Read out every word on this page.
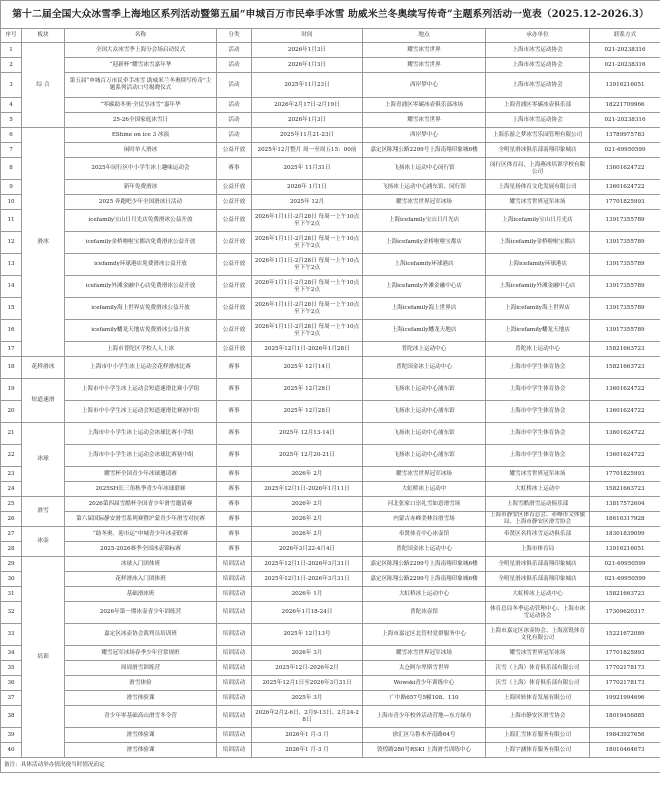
第十二届全国大众冰雪季上海地区系列活动暨第五届“申城百万市民牵手冰雪 助威米兰冬奥续写传奇”主题系列活动一览表（2025.12-2026.3）							
序号	板块	名称	分类	时间	地点	承办单位	联系方式
1	综 合	全国大众冰雪季上海分会场启动仪式	活动	2026年1月3日	耀雪冰雪世界	上海市冰雪运动协会	021-20238316
2		“迎新杯”耀雪冰雪嘉年华	活动	2026年1月3日	耀雪冰雪世界	上海市冰雪运动协会	021-20238316
3		第五届“申城百万市民牵手冰雪 助威米兰冬奥续写传奇”主题系列活动口号揭晓仪式	活动	2025年11月23日	西岸梦中心	上海市冰雪运动协会	13916216051
4		“零碳助冬奥·全民享冰雪”嘉年华	活动	2026年2月17日-2月19日	上海青浦区零碳冰壶俱乐部冰场	上海青浦区零碳冰壶俱乐部	18221709966
5		25-26全国家庭冰雪日	活动	2026年1月3日	耀雪冰雪世界	上海市冰雪运动协会	021-20238316
6	滑冰	EShine on ice 3 冰演	活动	2025年11月21-23日	西岸梦中心	上海乐游之梦冰雪乐园管理有限公司	13789975783
7		闲时单人滑冰	公益开放	2025年12月整月 周一至周五15：00前	嘉定区陈翔公路2299号上海南翔印象城6楼	全明星滑冰俱乐部南翔印象城店	021-69950599
8		2025年闵行区中小学生冰上趣味运动会	赛事	2025年 11月31日	飞扬冰上运动中心闵行馆	闵行区体育局，上海燕冰培训学校有限公司	13601624722
9		新年免费滑冰	公益开放	2026年 1月1日	飞扬冰上运动中心浦东馆、闵行馆	上海星扬体育文化发展有限公司	13601624722
10		2025 奔跑吧少年全国滑冰日活动	公益开放	2025年 12月	耀雪冰雪世界冠军冰场	耀雪冰雪世界冠军冰场	17701825993
11		icefamily宝山日月光店免费滑冰公益开放	公益开放	2026年1月1日-2月28日 每周一上午10点至下午2点	上海icefamily宝山日月光店	上海icefamily宝山日月光店	13917355789
12		icefamily金桥啦啦宝都店免费滑冰公益开放	公益开放	2026年1月1日-2月28日 每周一上午10点至下午2点	上海icefamily金桥啦啦宝都店	上海icefamily金桥啦啦宝都店	13917355789
13		icefamily环球港店免费滑冰公益开放	公益开放	2026年1月1日-2月28日 每周一上午10点至下午2点	上海icefamily环球港店	上海icefamily环球港店	13917355789
14		icefamily外滩金融中心店免费滑冰公益开放	公益开放	2026年1月1日-2月28日 每周一上午10点至下午2点	上海icefamily外滩金融中心店	上海icefamily外滩金融中心店	13917355789
15		icefamily海上世界店免费滑冰公益开放	公益开放	2026年1月1日-2月28日 每周一上午10点至下午2点	上海icefamily海上世界店	上海icefamily海上世界店	13917355789
16		icefamily蟠龙天地店免费滑冰公益开放	公益开放	2026年1月1日-2月28日 每周一上午10点至下午2点	上海icefamily蟠龙天地店	上海icefamily蟠龙天地店	13917355789
17		上海市普陀区学校人人上冰	公益开放	2025年12月1日-2026年1月28日	普陀冰上运动中心	普陀冰上运动中心	15821663723
18	花样滑冰	上海市中小学生冰上运动会花样滑冰比赛	赛事	2025年 12月14日	普陀国金冰上运动中心	上海市中学生体育协会	15821663723
19	短道速滑	上海市中小学生冰上运动会短道速滑比赛小学组	赛事	2025年 12月28日	飞扬冰上运动中心浦东馆	上海市中学生体育协会	13601624722
20		上海市中小学生冰上运动会短道速滑比赛初中组	赛事	2025年 12月28日	飞扬冰上运动中心浦东馆	上海市中学生体育协会	13601624722
21	冰球	上海市中小学生冰上运动会冰球比赛小学组	赛事	2025年 12月13-14日	飞扬冰上运动中心浦东馆	上海市中学生体育协会	13601624722
22		上海市中小学生冰上运动会冰球比赛初中组	赛事	2025年 12月20-21日	飞扬冰上运动中心浦东馆	上海市中学生体育协会	13601624722
23		耀雪杯全国青少年冰球邀请赛	赛事	2026年 2月	耀雪冰雪世界冠军冰场	耀雪冰雪世界冠军冰场	17701825993
24		2025SH长三角秋季青少年冰球联赛	赛事	2025年12月1日-2026年1月11日	大虹桥冰上运动中	大虹桥冰上运动中	15821663723
25	滑雪	2026第四届雪酷杯全国青少年滑雪邀请赛	赛事	2026年 2月	河北张家口崇礼雪如意滑雪场	上海雪酷滑雪运动俱乐部	13817572604
26		第六届国际静安滑雪系列赛暨沪蒙青少年滑雪对抗赛	赛事	2026年 2月	内蒙古赤峰美林谷滑雪场	上海市静安区体育总会、赤峰市文体旅局、上海市静安区滑雪协会	18616317928
27	冰壶	“助冬奥、迎市运”申城青少年冰壶联赛	赛事	2026年 2月	奉贤体育中心冰壶馆	奉贤区名将冰雪运动俱乐部	18301839099
28		2025-2026赛季全国冰壶锦标赛	赛事	2026年3月22-4月4日	普陀国金冰上运动中心	上海市体育局	13916216051
29	培训	冰球入门团体班	培训活动	2025年12月1日-2026年3月31日	嘉定区陈翔公路2299号上海南翔印象城6楼	全明星滑冰俱乐部南翔印象城店	021-69950599
30		花样滑冰入门团体班	培训活动	2025年12月1日-2026年3月31日	嘉定区陈翔公路2299号上海南翔印象城6楼	全明星滑冰俱乐部南翔印象城店	021-69950599
31		基础滑冰班	培训活动	2026年 1月	大虹桥冰上运动中心	大虹桥冰上运动中心	15821663723
32		2026年第一期冰壶青少年训练营	培训活动	2026年1月18-24日	普陀冰壶馆	体育总局冬季运动管理中心、上海市冰雪运动协会	17309620317
33		嘉定区冰壶协会裁判员培训班	培训活动	2025年 12月13号	上海市嘉定区北管村党群服务中心	上海市嘉定区冰壶协会、上海富锐体育文化有限公司	15221672089
34		耀雪冠军冰场春季少年宫常规班	培训活动	2026年 3月	耀雪冰雪世界冠军冰场	耀雪冰雪世界冠军冰场	17701825993
35		周周滑雪训练营	培训活动	2025年12月-2026年2月	太仓阿尔卑斯雪世界	沃雪（上海）体育俱乐部有限公司	17702178173
36		滑雪体验	培训活动	2025年12月1日至2026年3月31日	Wowski青少年训练中心	沃雪（上海）体育俱乐部有限公司	17702178173
37		滑雪体验课	培训活动	2025年 3月	广中路657号5幢108、110	上海回转体育发展有限公司	19921994696
38		青少年零基础高山滑雪冬令营	培训活动	2026年2月2-6日、2月9-13日、2月24-28日	上海市青少年校外活动营地—东方绿舟	上海市静安区滑雪协会	18019456885
39		滑雪体验课	培训活动	2026年1 月-3 月	徐汇区乌鲁木齐南路64号	上海汇雪体育服务有限公司	19843927656
40		滑雪体验课	培训活动	2026年1 月-3 月	敦煌路280号RSKI 上海滑雪训练中心	上海宇涵体育服务有限公司	18010464673
备注：具体活动举办情况视当时情况而定							
